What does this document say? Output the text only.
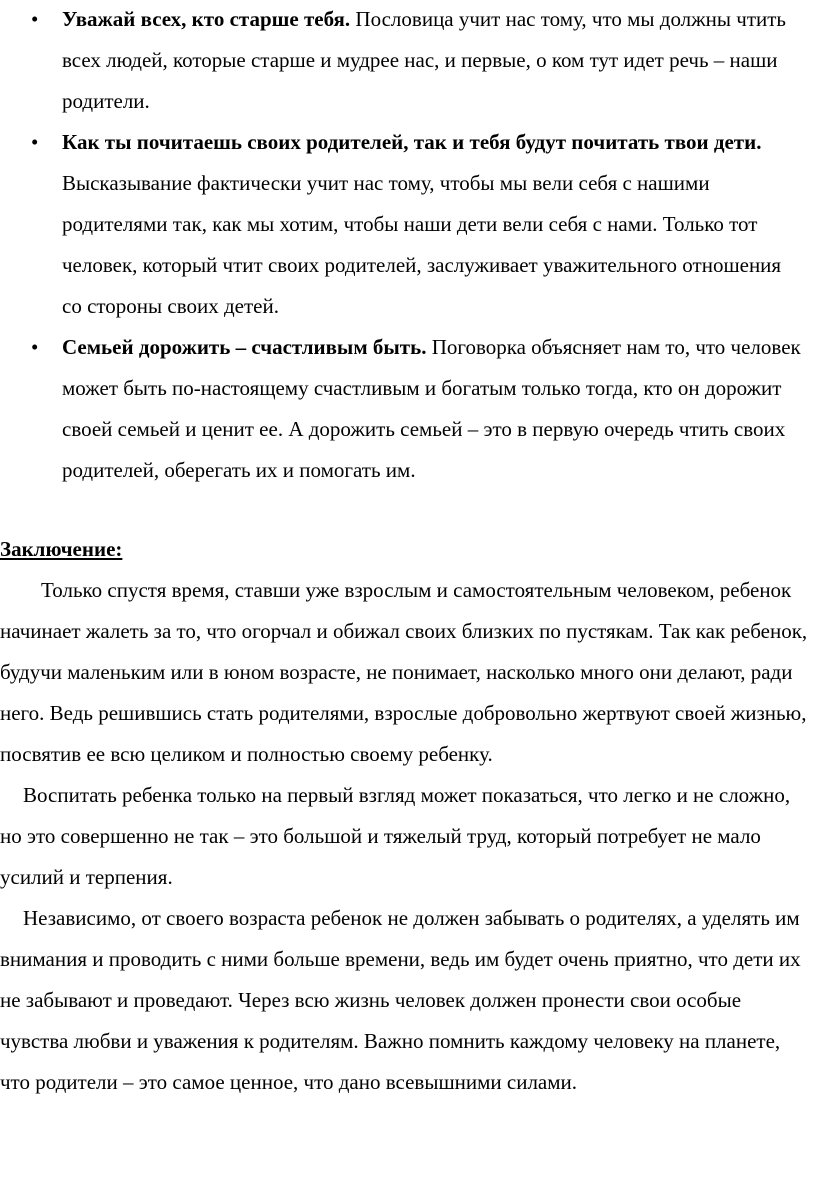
• Уважай всех, кто старше тебя. Пословица учит нас тому, что мы должны чтить всех людей, которые старше и мудрее нас, и первые, о ком тут идет речь – наши родители.
• Как ты почитаешь своих родителей, так и тебя будут почитать твои дети. Высказывание фактически учит нас тому, чтобы мы вели себя с нашими родителями так, как мы хотим, чтобы наши дети вели себя с нами. Только тот человек, который чтит своих родителей, заслуживает уважительного отношения со стороны своих детей.
• Семьей дорожить – счастливым быть. Поговорка объясняет нам то, что человек может быть по-настоящему счастливым и богатым только тогда, кто он дорожит своей семьей и ценит ее. А дорожить семьей – это в первую очередь чтить своих родителей, оберегать их и помогать им.
Заключение:

Только спустя время, ставши уже взрослым и самостоятельным человеком, ребенок начинает жалеть за то, что огорчал и обижал своих близких по пустякам. Так как ребенок, будучи маленьким или в юном возрасте, не понимает, насколько много они делают, ради него. Ведь решившись стать родителями, взрослые добровольно жертвуют своей жизнью, посвятив ее всю целиком и полностью своему ребенку.

Воспитать ребенка только на первый взгляд может показаться, что легко и не сложно, но это совершенно не так – это большой и тяжелый труд, который потребует не мало усилий и терпения.

Независимо, от своего возраста ребенок не должен забывать о родителях, а уделять им внимания и проводить с ними больше времени, ведь им будет очень приятно, что дети их не забывают и проведают. Через всю жизнь человек должен пронести свои особые чувства любви и уважения к родителям. Важно помнить каждому человеку на планете, что родители – это самое ценное, что дано всевышними силами.
